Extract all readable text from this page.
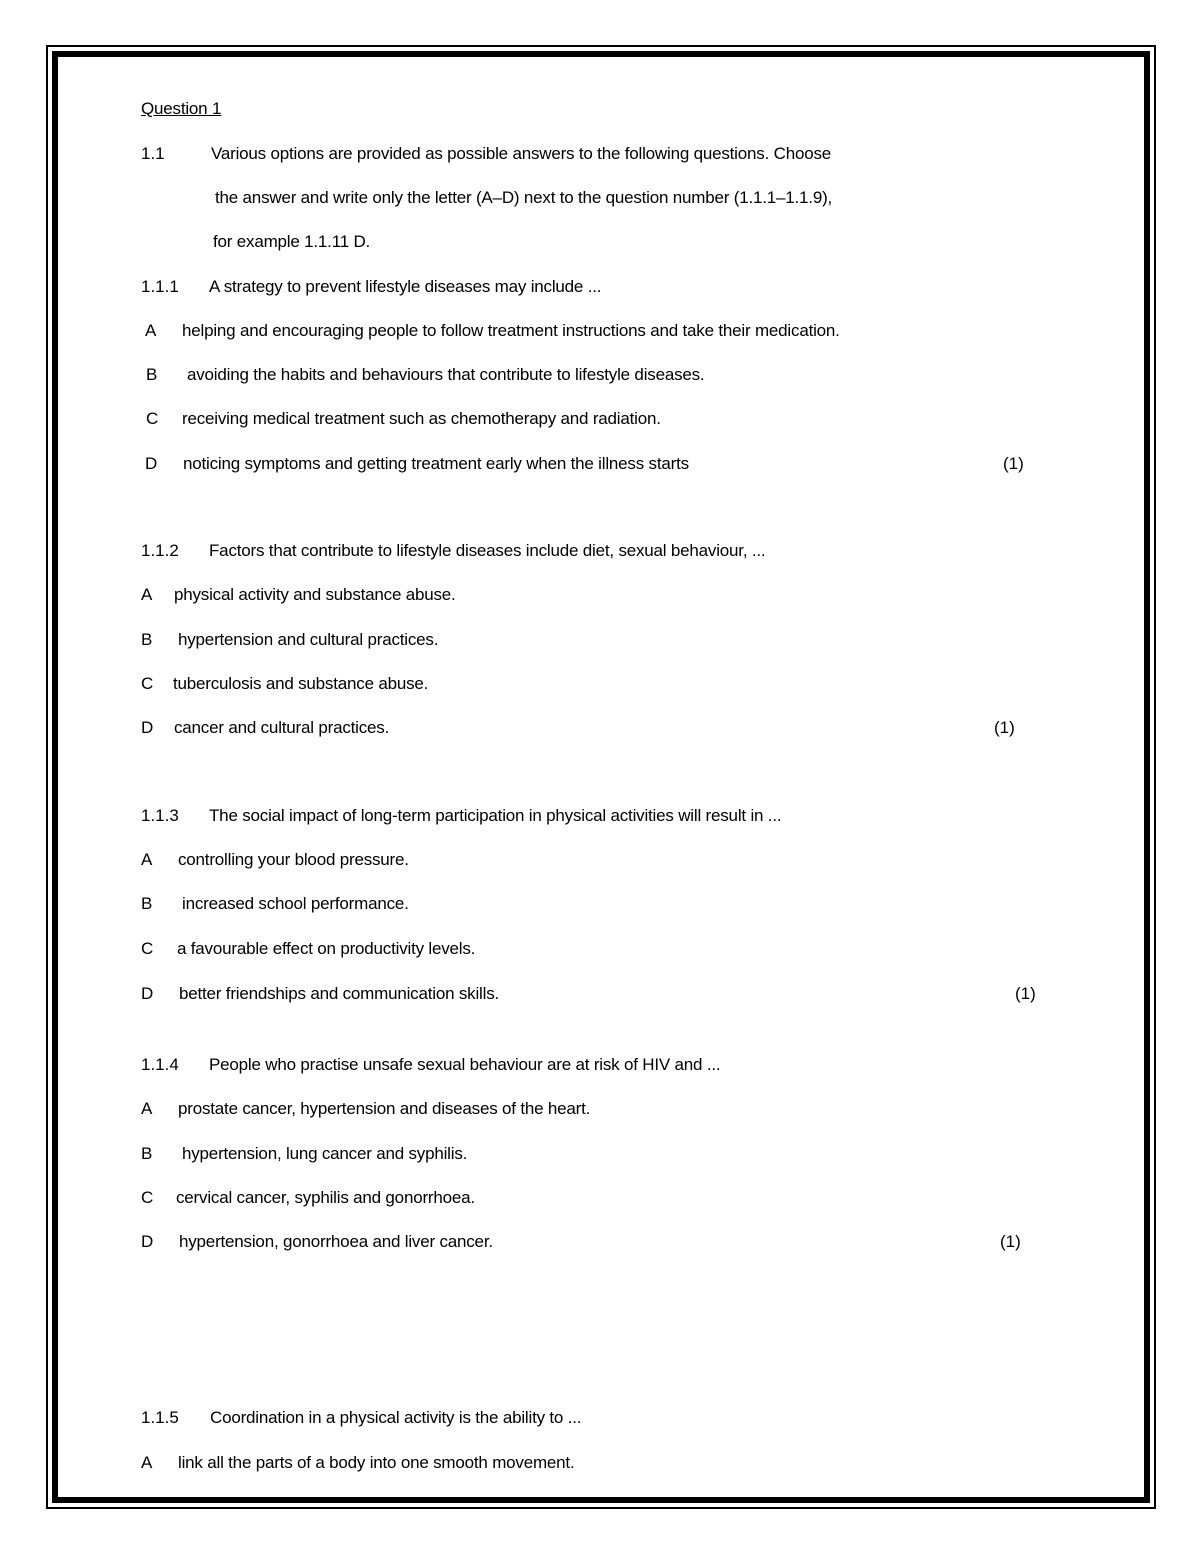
Question 1
1.1	Various options are provided as possible answers to the following questions. Choose
the answer and write only the letter (A–D) next to the question number (1.1.1–1.1.9),
for example 1.1.11 D.
1.1.1 A strategy to prevent lifestyle diseases may include ...
A helping and encouraging people to follow treatment instructions and take their medication.
B avoiding the habits and behaviours that contribute to lifestyle diseases.
C receiving medical treatment such as chemotherapy and radiation.
D noticing symptoms and getting treatment early when the illness starts	(1)
1.1.2 Factors that contribute to lifestyle diseases include diet, sexual behaviour, ...
A physical activity and substance abuse.
B hypertension and cultural practices.
C tuberculosis and substance abuse.
D cancer and cultural practices.	(1)
1.1.3 The social impact of long-term participation in physical activities will result in ...
A controlling your blood pressure.
B increased school performance.
C a favourable effect on productivity levels.
D better friendships and communication skills.	(1)
1.1.4 People who practise unsafe sexual behaviour are at risk of HIV and ...
A prostate cancer, hypertension and diseases of the heart.
B hypertension, lung cancer and syphilis.
C cervical cancer, syphilis and gonorrhoea.
D hypertension, gonorrhoea and liver cancer.	(1)
1.1.5 Coordination in a physical activity is the ability to ...
A link all the parts of a body into one smooth movement.
